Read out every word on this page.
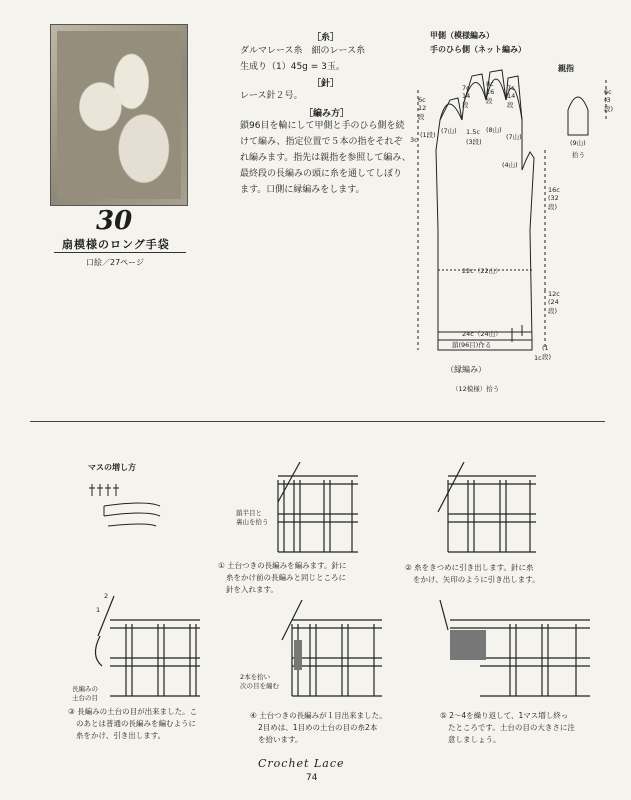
30
扇模様のロング手袋
口絵／27ページ
［糸］
ダルマレース糸　細のレース糸
生成り（1）45g = 3玉。
［針］
レース針２号。
［編み方］
鎖96目を輪にして甲側と手のひら側を続
けて編み、指定位置で５本の指をそれぞ
れ編みます。指先は親指を参照して編み、
最終段の長編みの頭に糸を通してしぼり
ます。口側に縁編みをします。
甲側（模様編み）
手のひら側（ネット編み）
親指
6c (3段)
7c 14段
8c 16段
7c 14段
6c 12段
3c
(1段) (7山)	(8山)
(7山)
1.5c
(3段)
(4山)
(9山)
拾う
16c (32段)
22c（22山）
12c (24段)
24c（24山）
鎖(96目)作る
1c
(1段)
（縁編み）
（12模様）拾う
マスの増し方
鎖半目と
裏山を拾う
① 土台つきの長編みを編みます。針に
糸をかけ前の長編みと同じところに
針を入れます。
② 糸をきつめに引き出します。針に糸
をかけ、矢印のように引き出します。
2
1
長編みの
土台の目
2本を拾い
次の目を編む
③ 長編みの土台の目が出来ました。こ
のあとは普通の長編みを編むように
糸をかけ、引き出します。
④ 土台つきの長編みが１目出来ました。
2目めは、1目めの土台の目の糸2本
を拾います。
⑤ 2～4を繰り返して、1マス増し終っ
たところです。土台の目の大きさに注
意しましょう。
Crochet Lace
74
